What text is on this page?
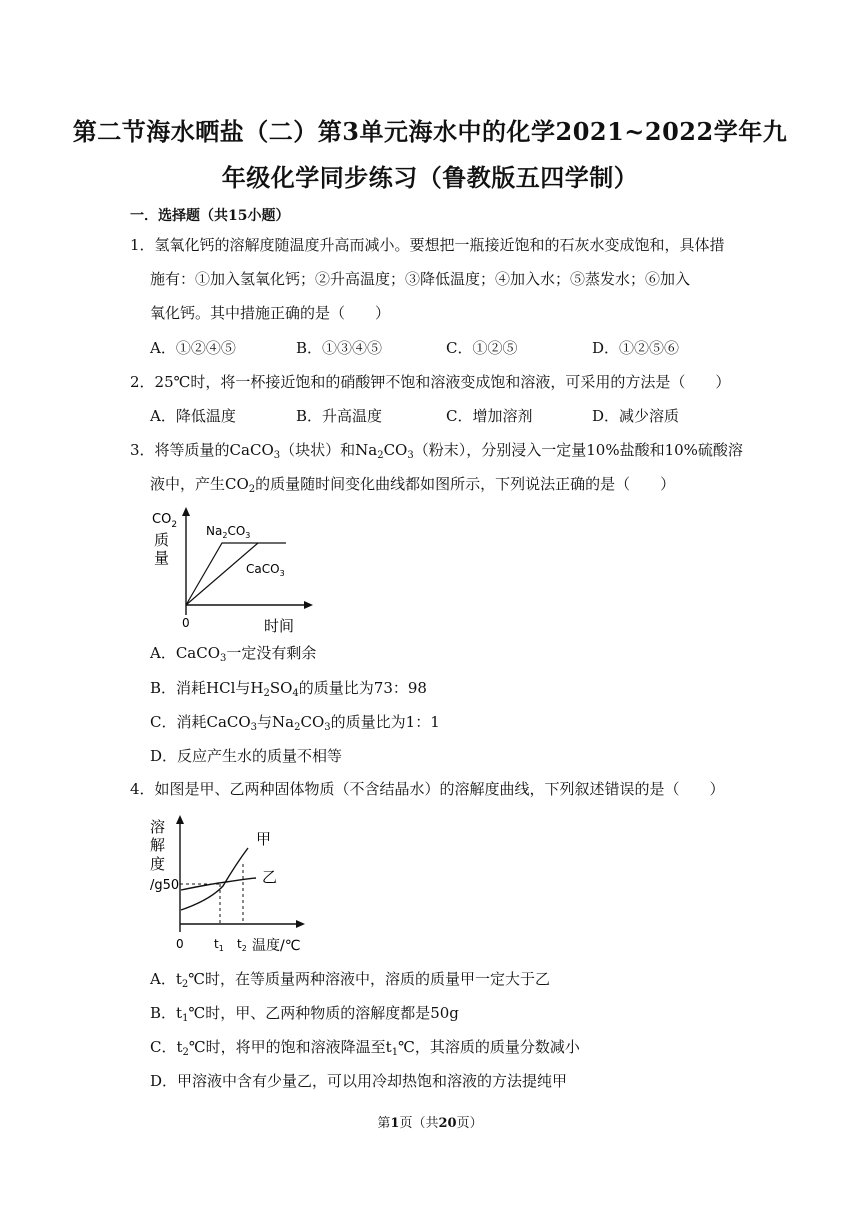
第二节海水晒盐（二）第3单元海水中的化学2021~2022学年九
年级化学同步练习（鲁教版五四学制）
一．选择题（共15小题）
1．氢氧化钙的溶解度随温度升高而减小。要想把一瓶接近饱和的石灰水变成饱和，具体措
施有：①加入氢氧化钙；②升高温度；③降低温度；④加入水；⑤蒸发水；⑥加入
氧化钙。其中措施正确的是（　　）
A．①②④⑤	B．①③④⑤	C．①②⑤	D．①②⑤⑥
2．25℃时，将一杯接近饱和的硝酸钾不饱和溶液变成饱和溶液，可采用的方法是（　　）
A．降低温度	B．升高温度	C．增加溶剂	D．减少溶质
3．将等质量的CaCO$_3$（块状）和$Na_2CO_3$（粉末），分别浸入一定量10%盐酸和10%硫酸溶
液中，产生$CO_2$的质量随时间变化曲线都如图所示，下列说法正确的是（　　）
$CO_2$
质
量
0	时间
$Na_2CO_3$
CaCO$_3$
A．CaCO$_3$一定没有剩余
B．消耗HCl与$H_2SO_4$的质量比为73：98
C．消耗CaCO$_3$与$Na_2CO_3$的质量比为1：1
D．反应产生水的质量不相等
4．如图是甲、乙两种固体物质（不含结晶水）的溶解度曲线，下列叙述错误的是（　　）
溶
解
度
/g50
甲
乙
0	$t_1$ $t_2$ 温度/℃
A．$t_2℃$时，在等质量两种溶液中，溶质的质量甲一定大于乙
B．$t_1℃$时，甲、乙两种物质的溶解度都是50g
C．$t_2℃$时，将甲的饱和溶液降温至$t_1℃$，其溶质的质量分数减小
D．甲溶液中含有少量乙，可以用冷却热饱和溶液的方法提纯甲
第1页（共20页）
